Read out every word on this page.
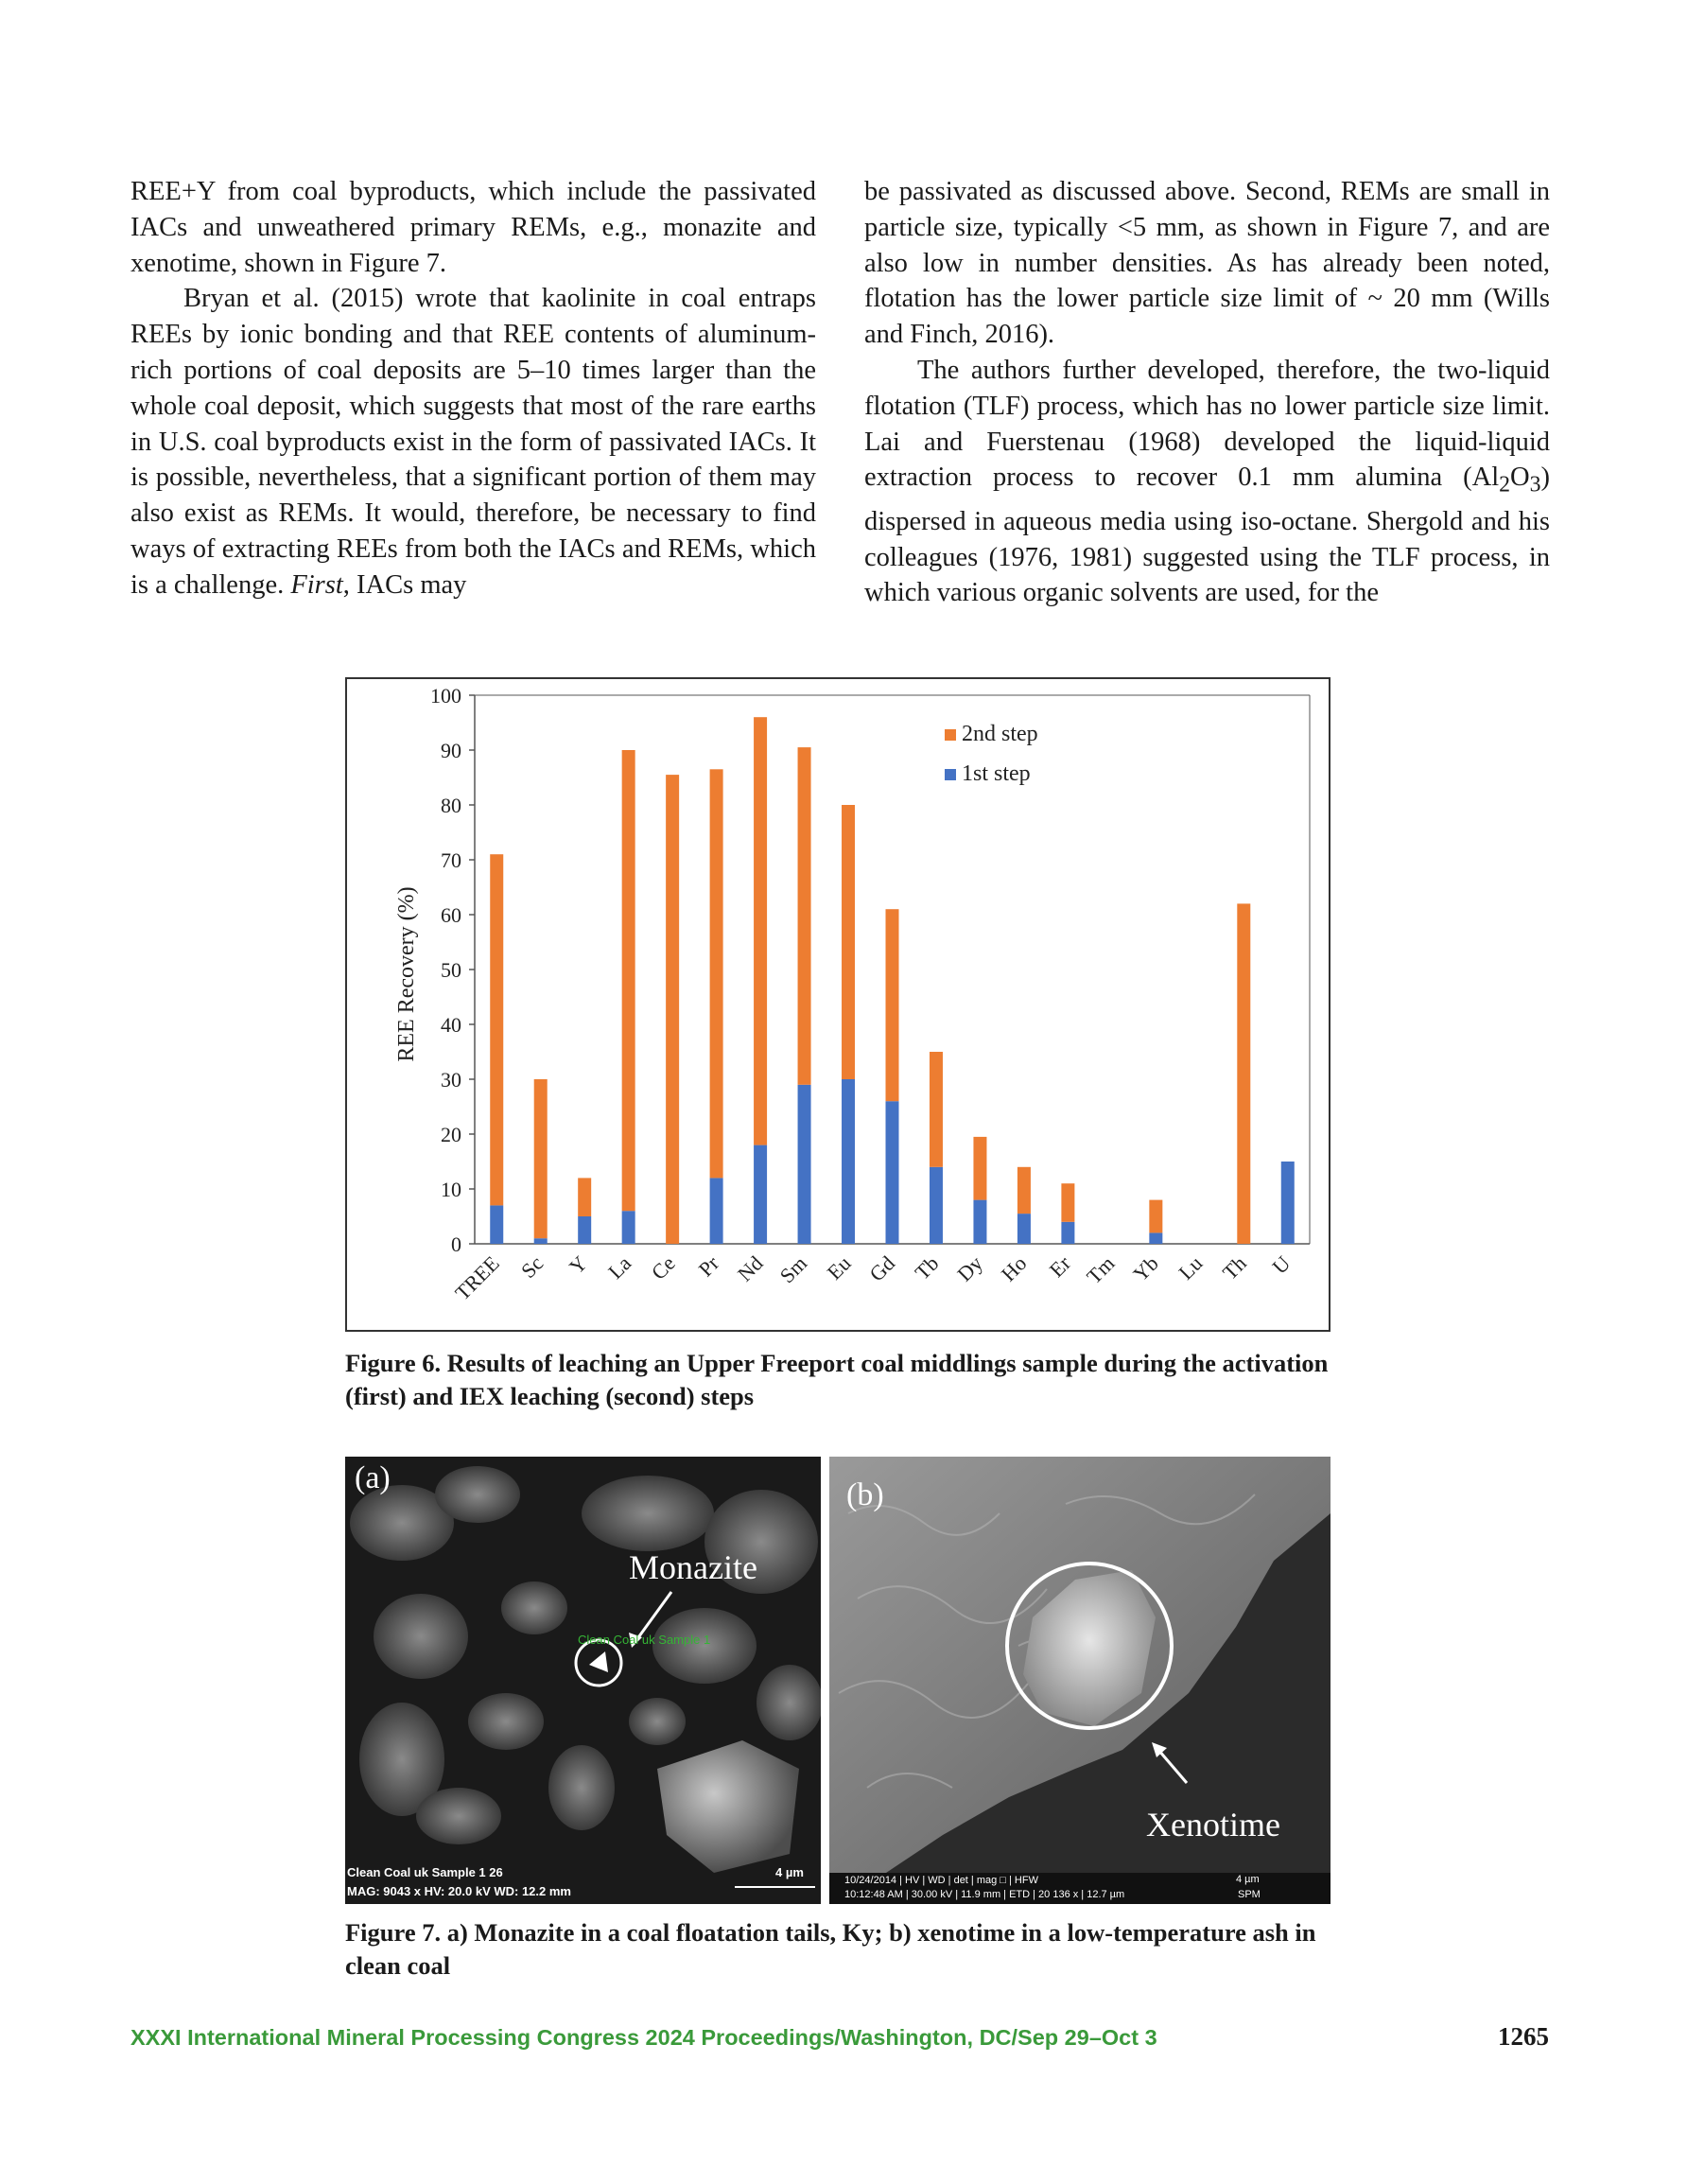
REE+Y from coal byproducts, which include the passivated IACs and unweathered primary REMs, e.g., monazite and xenotime, shown in Figure 7.

Bryan et al. (2015) wrote that kaolinite in coal entraps REEs by ionic bonding and that REE contents of aluminum-rich portions of coal deposits are 5–10 times larger than the whole coal deposit, which suggests that most of the rare earths in U.S. coal byproducts exist in the form of passivated IACs. It is possible, nevertheless, that a significant portion of them may also exist as REMs. It would, therefore, be necessary to find ways of extracting REEs from both the IACs and REMs, which is a challenge. First, IACs may

be passivated as discussed above. Second, REMs are small in particle size, typically <5 mm, as shown in Figure 7, and are also low in number densities. As has already been noted, flotation has the lower particle size limit of ~ 20 mm (Wills and Finch, 2016).

The authors further developed, therefore, the two-liquid flotation (TLF) process, which has no lower particle size limit. Lai and Fuerstenau (1968) developed the liquid-liquid extraction process to recover 0.1 mm alumina $(Al_2O_3)$ dispersed in aqueous media using iso-octane. Shergold and his colleagues (1976, 1981) suggested using the TLF process, in which various organic solvents are used, for the

0
10
20
30
40
50
60
70
80
90
100
TREE Sc Y La Ce Pr Nd Sm Eu Gd Tb Dy Ho Er Tm Yb Lu Th U
2nd step
1st step
REE Recovery (%)
Figure 6. Results of leaching an Upper Freeport coal middlings sample during the activation (first) and IEX leaching (second) steps
(a)
Monazite
Clean Coal uk Sample 1
Clean Coal uk Sample 1 26
MAG: 9043 x HV: 20.0 kV WD: 12.2 mm
4 µm
(b)
Xenotime
10/24/2014 | HV | WD | det | mag □ | HFW
10:12:48 AM | 30.00 kV | 11.9 mm | ETD | 20 136 x | 12.7 µm
4 µm
SPM
Figure 7. a) Monazite in a coal floatation tails, Ky; b) xenotime in a low-temperature ash in clean coal
XXXI International Mineral Processing Congress 2024 Proceedings/Washington, DC/Sep 29–Oct 3	1265
